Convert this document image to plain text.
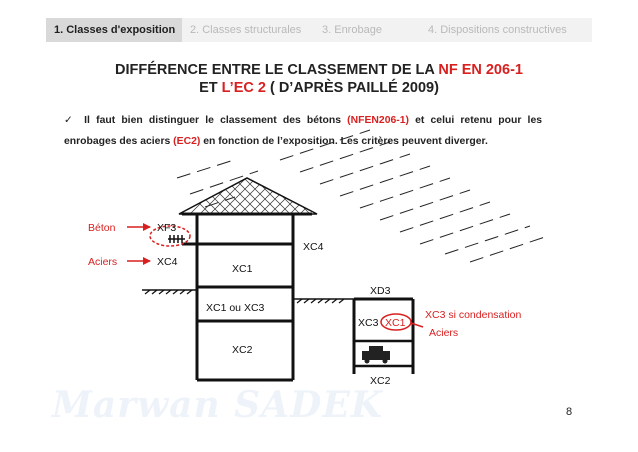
1. Classes d'exposition	2. Classes structurales	3. Enrobage	4. Dispositions constructives
DIFFÉRENCE ENTRE LE CLASSEMENT DE LA NF EN 206-1
ET L’EC 2 ( D’APRÈS PAILLÉ 2009)
✓ Il faut bien distinguer le classement des bétons (NFEN206-1) et celui retenu pour les enrobages des aciers (EC2) en fonction de l’exposition. Les critères peuvent diverger.
Béton
Aciers
XF3
XC4
XC4
XC1
XC1 ou XC3
XC2
XD3
XC3 XC1
XC2
XC3 si condensation
Aciers
Marwan SADEK	8
